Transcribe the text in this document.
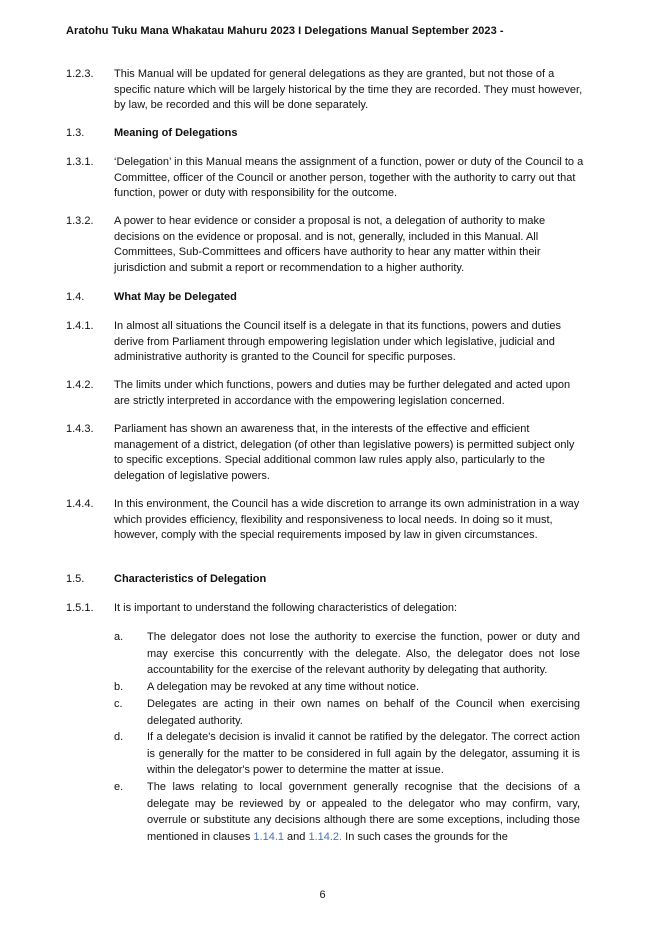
Aratohu Tuku Mana Whakatau Mahuru 2023 I Delegations Manual September 2023 -
1.2.3.	This Manual will be updated for general delegations as they are granted, but not those of a specific nature which will be largely historical by the time they are recorded. They must however, by law, be recorded and this will be done separately.
1.3.	Meaning of Delegations
1.3.1.	‘Delegation’ in this Manual means the assignment of a function, power or duty of the Council to a Committee, officer of the Council or another person, together with the authority to carry out that function, power or duty with responsibility for the outcome.
1.3.2.	A power to hear evidence or consider a proposal is not, a delegation of authority to make decisions on the evidence or proposal. and is not, generally, included in this Manual. All Committees, Sub-Committees and officers have authority to hear any matter within their jurisdiction and submit a report or recommendation to a higher authority.
1.4.	What May be Delegated
1.4.1.	In almost all situations the Council itself is a delegate in that its functions, powers and duties derive from Parliament through empowering legislation under which legislative, judicial and administrative authority is granted to the Council for specific purposes.
1.4.2.	The limits under which functions, powers and duties may be further delegated and acted upon are strictly interpreted in accordance with the empowering legislation concerned.
1.4.3.	Parliament has shown an awareness that, in the interests of the effective and efficient management of a district, delegation (of other than legislative powers) is permitted subject only to specific exceptions. Special additional common law rules apply also, particularly to the delegation of legislative powers.
1.4.4.	In this environment, the Council has a wide discretion to arrange its own administration in a way which provides efficiency, flexibility and responsiveness to local needs. In doing so it must, however, comply with the special requirements imposed by law in given circumstances.
1.5.	Characteristics of Delegation
1.5.1.	It is important to understand the following characteristics of delegation:
a.	The delegator does not lose the authority to exercise the function, power or duty and may exercise this concurrently with the delegate. Also, the delegator does not lose accountability for the exercise of the relevant authority by delegating that authority.
b.	A delegation may be revoked at any time without notice.
c.	Delegates are acting in their own names on behalf of the Council when exercising delegated authority.
d.	If a delegate's decision is invalid it cannot be ratified by the delegator. The correct action is generally for the matter to be considered in full again by the delegator, assuming it is within the delegator's power to determine the matter at issue.
e.	The laws relating to local government generally recognise that the decisions of a delegate may be reviewed by or appealed to the delegator who may confirm, vary, overrule or substitute any decisions although there are some exceptions, including those mentioned in clauses 1.14.1 and 1.14.2. In such cases the grounds for the
6
